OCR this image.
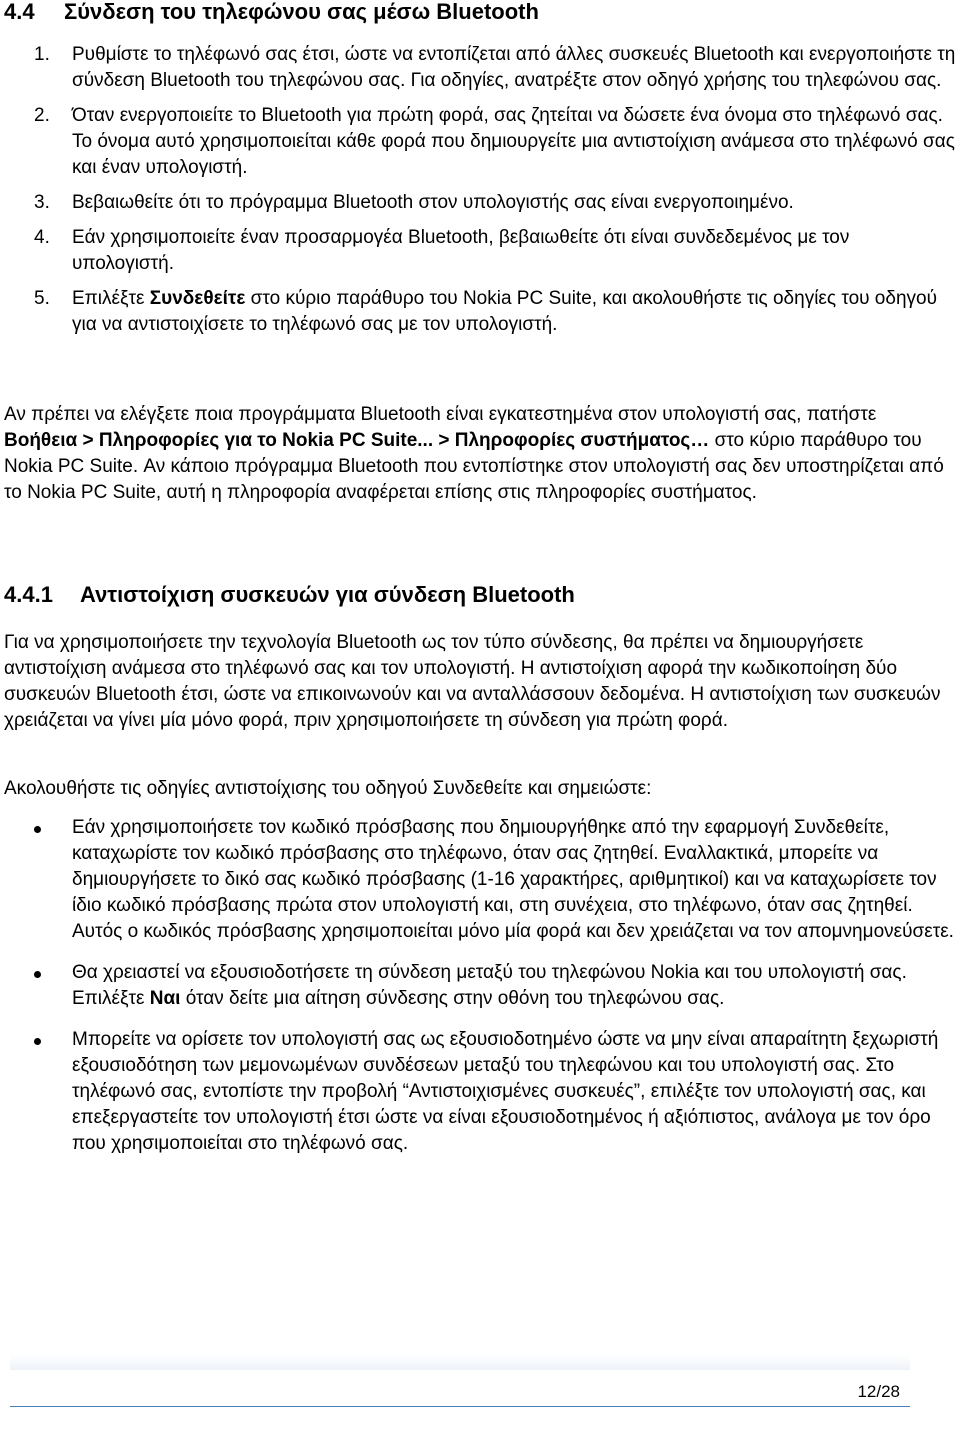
4.4 Σύνδεση του τηλεφώνου σας μέσω Bluetooth
1. Ρυθμίστε το τηλέφωνό σας έτσι, ώστε να εντοπίζεται από άλλες συσκευές Bluetooth και ενεργοποιήστε τη σύνδεση Bluetooth του τηλεφώνου σας. Για οδηγίες, ανατρέξτε στον οδηγό χρήσης του τηλεφώνου σας.
2. Όταν ενεργοποιείτε το Bluetooth για πρώτη φορά, σας ζητείται να δώσετε ένα όνομα στο τηλέφωνό σας. Το όνομα αυτό χρησιμοποιείται κάθε φορά που δημιουργείτε μια αντιστοίχιση ανάμεσα στο τηλέφωνό σας και έναν υπολογιστή.
3. Βεβαιωθείτε ότι το πρόγραμμα Bluetooth στον υπολογιστής σας είναι ενεργοποιημένο.
4. Εάν χρησιμοποιείτε έναν προσαρμογέα Bluetooth, βεβαιωθείτε ότι είναι συνδεδεμένος με τον υπολογιστή.
5. Επιλέξτε Συνδεθείτε στο κύριο παράθυρο του Nokia PC Suite, και ακολουθήστε τις οδηγίες του οδηγού για να αντιστοιχίσετε το τηλέφωνό σας με τον υπολογιστή.
Αν πρέπει να ελέγξετε ποια προγράμματα Bluetooth είναι εγκατεστημένα στον υπολογιστή σας, πατήστε Βοήθεια > Πληροφορίες για το Nokia PC Suite... > Πληροφορίες συστήματος… στο κύριο παράθυρο του Nokia PC Suite. Αν κάποιο πρόγραμμα Bluetooth που εντοπίστηκε στον υπολογιστή σας δεν υποστηρίζεται από το Nokia PC Suite, αυτή η πληροφορία αναφέρεται επίσης στις πληροφορίες συστήματος.
4.4.1 Αντιστοίχιση συσκευών για σύνδεση Bluetooth
Για να χρησιμοποιήσετε την τεχνολογία Bluetooth ως τον τύπο σύνδεσης, θα πρέπει να δημιουργήσετε αντιστοίχιση ανάμεσα στο τηλέφωνό σας και τον υπολογιστή. Η αντιστοίχιση αφορά την κωδικοποίηση δύο συσκευών Bluetooth έτσι, ώστε να επικοινωνούν και να ανταλλάσσουν δεδομένα. Η αντιστοίχιση των συσκευών χρειάζεται να γίνει μία μόνο φορά, πριν χρησιμοποιήσετε τη σύνδεση για πρώτη φορά.
Ακολουθήστε τις οδηγίες αντιστοίχισης του οδηγού Συνδεθείτε και σημειώστε:
Εάν χρησιμοποιήσετε τον κωδικό πρόσβασης που δημιουργήθηκε από την εφαρμογή Συνδεθείτε, καταχωρίστε τον κωδικό πρόσβασης στο τηλέφωνο, όταν σας ζητηθεί. Εναλλακτικά, μπορείτε να δημιουργήσετε το δικό σας κωδικό πρόσβασης (1-16 χαρακτήρες, αριθμητικοί) και να καταχωρίσετε τον ίδιο κωδικό πρόσβασης πρώτα στον υπολογιστή και, στη συνέχεια, στο τηλέφωνο, όταν σας ζητηθεί. Αυτός ο κωδικός πρόσβασης χρησιμοποιείται μόνο μία φορά και δεν χρειάζεται να τον απομνημονεύσετε.
Θα χρειαστεί να εξουσιοδοτήσετε τη σύνδεση μεταξύ του τηλεφώνου Nokia και του υπολογιστή σας. Επιλέξτε Ναι όταν δείτε μια αίτηση σύνδεσης στην οθόνη του τηλεφώνου σας.
Μπορείτε να ορίσετε τον υπολογιστή σας ως εξουσιοδοτημένο ώστε να μην είναι απαραίτητη ξεχωριστή εξουσιοδότηση των μεμονωμένων συνδέσεων μεταξύ του τηλεφώνου και του υπολογιστή σας. Στο τηλέφωνό σας, εντοπίστε την προβολή “Αντιστοιχισμένες συσκευές”, επιλέξτε τον υπολογιστή σας, και επεξεργαστείτε τον υπολογιστή έτσι ώστε να είναι εξουσιοδοτημένος ή αξιόπιστος, ανάλογα με τον όρο που χρησιμοποιείται στο τηλέφωνό σας.
12/28
